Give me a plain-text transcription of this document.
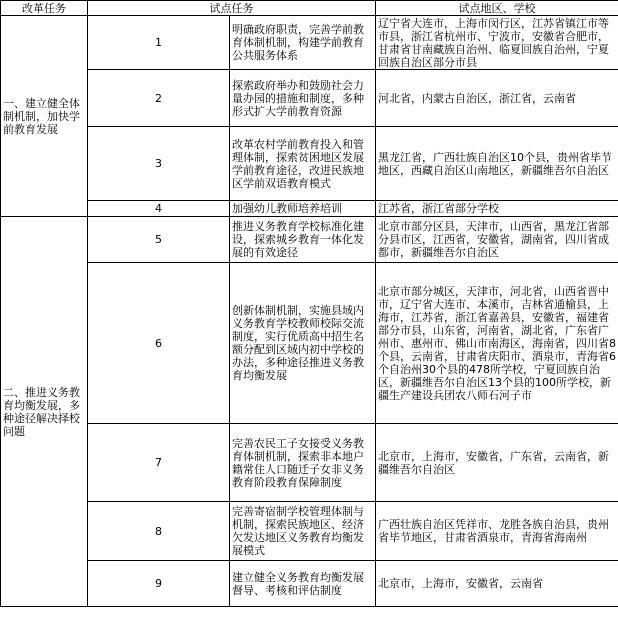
改革任务	试点任务		试点地区、学校
一、建立健全体制机制，加快学前教育发展	1	明确政府职责，完善学前教育体制机制，构建学前教育公共服务体系	辽宁省大连市，上海市闵行区，江苏省镇江市等市县，浙江省杭州市、宁波市，安徽省合肥市，甘肃省甘南藏族自治州、临夏回族自治州，宁夏回族自治区部分市县
	2	探索政府举办和鼓励社会力量办园的措施和制度，多种形式扩大学前教育资源	河北省，内蒙古自治区，浙江省，云南省
	3	改革农村学前教育投入和管理体制，探索贫困地区发展学前教育途径，改进民族地区学前双语教育模式	黑龙江省，广西壮族自治区10个县，贵州省毕节地区，西藏自治区山南地区，新疆维吾尔自治区
	4	加强幼儿教师培养培训	江苏省，浙江省部分学校
二、推进义务教育均衡发展，多种途径解决择校问题	5	推进义务教育学校标准化建设，探索城乡教育一体化发展的有效途径	北京市部分区县，天津市，山西省，黑龙江省部分县市区，江西省，安徽省，湖南省，四川省成都市，新疆维吾尔自治区
	6	创新体制机制，实施县域内义务教育学校教师校际交流制度，实行优质高中招生名额分配到区域内初中学校的办法，多种途径推进义务教育均衡发展	北京市部分城区，天津市，河北省，山西省晋中市，辽宁省大连市、本溪市，吉林省通榆县，上海市，江苏省，浙江省嘉善县，安徽省，福建省部分市县，山东省，河南省，湖北省，广东省广州市、惠州市、佛山市南海区，海南省，四川省8个县，云南省，甘肃省庆阳市、酒泉市，青海省6个自治州30个县的478所学校，宁夏回族自治区，新疆维吾尔自治区13个县的100所学校，新疆生产建设兵团农八师石河子市
	7	完善农民工子女接受义务教育体制机制，探索非本地户籍常住人口随迁子女非义务教育阶段教育保障制度	北京市，上海市，安徽省，广东省，云南省，新疆维吾尔自治区
	8	完善寄宿制学校管理体制与机制，探索民族地区、经济欠发达地区义务教育均衡发展模式	广西壮族自治区凭祥市、龙胜各族自治县，贵州省毕节地区，甘肃省酒泉市，青海省海南州
	9	建立健全义务教育均衡发展督导、考核和评估制度	北京市，上海市，安徽省，云南省
